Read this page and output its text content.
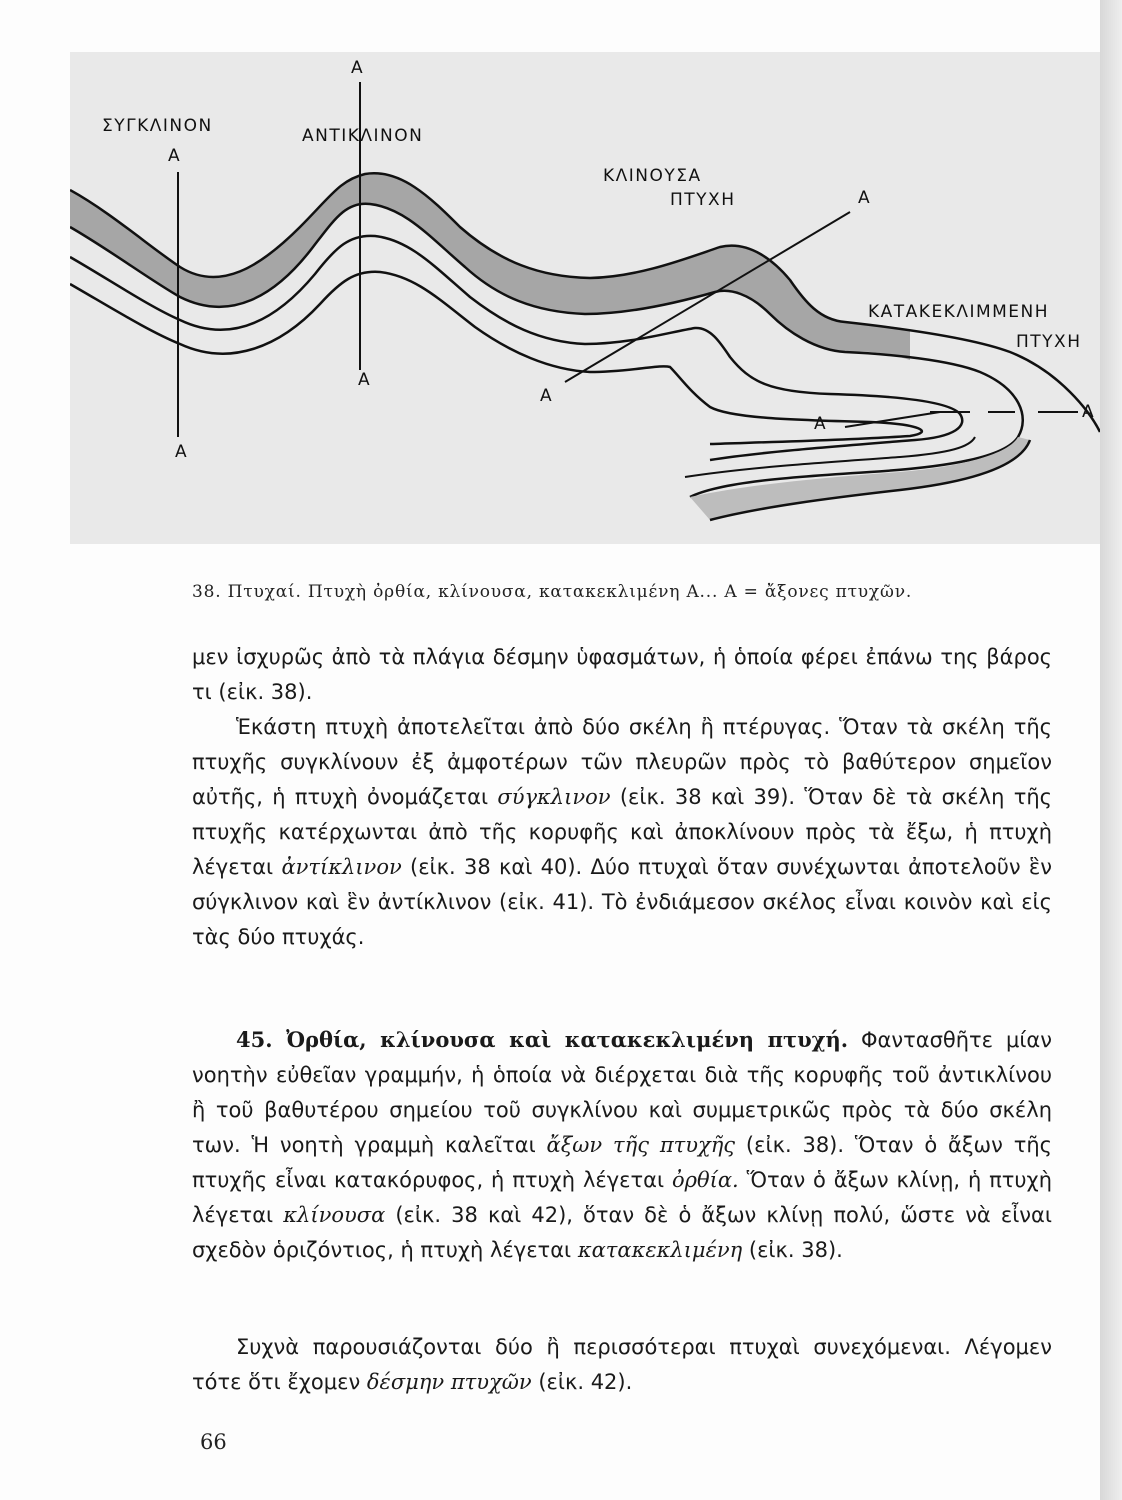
ΣΥΓΚΛΙΝΟΝ
Α
Α
ΑΝΤΙΚΛΙΝΟΝ
Α
Α
ΚΛΙΝΟΥΣΑ
ΠΤΥΧΗ	Α
Α
ΚΑΤΑΚΕΚΛΙΜΜΕΝΗ
ΠΤΥΧΗ
Α
Α
38. Πτυχαί. Πτυχὴ ὀρθία, κλίνουσα, κατακεκλιμένη Α... Α = ἄξονες πτυχῶν.

μεν ἰσχυρῶς ἀπὸ τὰ πλάγια δέσμην ὑφασμάτων, ἡ ὁποία φέρει ἐπάνω της βάρος τι (εἰκ. 38).

Ἑκάστη πτυχὴ ἀποτελεῖται ἀπὸ δύο σκέλη ἢ πτέρυγας. Ὅταν τὰ σκέλη τῆς πτυχῆς συγκλίνουν ἐξ ἀμφοτέρων τῶν πλευρῶν πρὸς τὸ βαθύτερον σημεῖον αὐτῆς, ἡ πτυχὴ ὀνομάζεται σύγκλινον (εἰκ. 38 καὶ 39). Ὅταν δὲ τὰ σκέλη τῆς πτυχῆς κατέρχωνται ἀπὸ τῆς κορυφῆς καὶ ἀποκλίνουν πρὸς τὰ ἔξω, ἡ πτυχὴ λέγεται ἀντίκλινον (εἰκ. 38 καὶ 40). Δύο πτυχαὶ ὅταν συνέχωνται ἀποτελοῦν ἓν σύγκλινον καὶ ἓν ἀντίκλινον (εἰκ. 41). Τὸ ἐνδιάμεσον σκέλος εἶναι κοινὸν καὶ εἰς τὰς δύο πτυχάς.

45. Ὀρθία, κλίνουσα καὶ κατακεκλιμένη πτυχή. Φαντασθῆτε μίαν νοητὴν εὐθεῖαν γραμμήν, ἡ ὁποία νὰ διέρχεται διὰ τῆς κορυφῆς τοῦ ἀντικλίνου ἢ τοῦ βαθυτέρου σημείου τοῦ συγκλίνου καὶ συμμετρικῶς πρὸς τὰ δύο σκέλη των. Ἡ νοητὴ γραμμὴ καλεῖται ἄξων τῆς πτυχῆς (εἰκ. 38). Ὅταν ὁ ἄξων τῆς πτυχῆς εἶναι κατακόρυφος, ἡ πτυχὴ λέγεται ὀρθία. Ὅταν ὁ ἄξων κλίνῃ, ἡ πτυχὴ λέγεται κλίνουσα (εἰκ. 38 καὶ 42), ὅταν δὲ ὁ ἄξων κλίνῃ πολύ, ὥστε νὰ εἶναι σχεδὸν ὁριζόντιος, ἡ πτυχὴ λέγεται κατακεκλιμένη (εἰκ. 38).

Συχνὰ παρουσιάζονται δύο ἢ περισσότεραι πτυχαὶ συνεχόμεναι. Λέγομεν τότε ὅτι ἔχομεν δέσμην πτυχῶν (εἰκ. 42).

66
